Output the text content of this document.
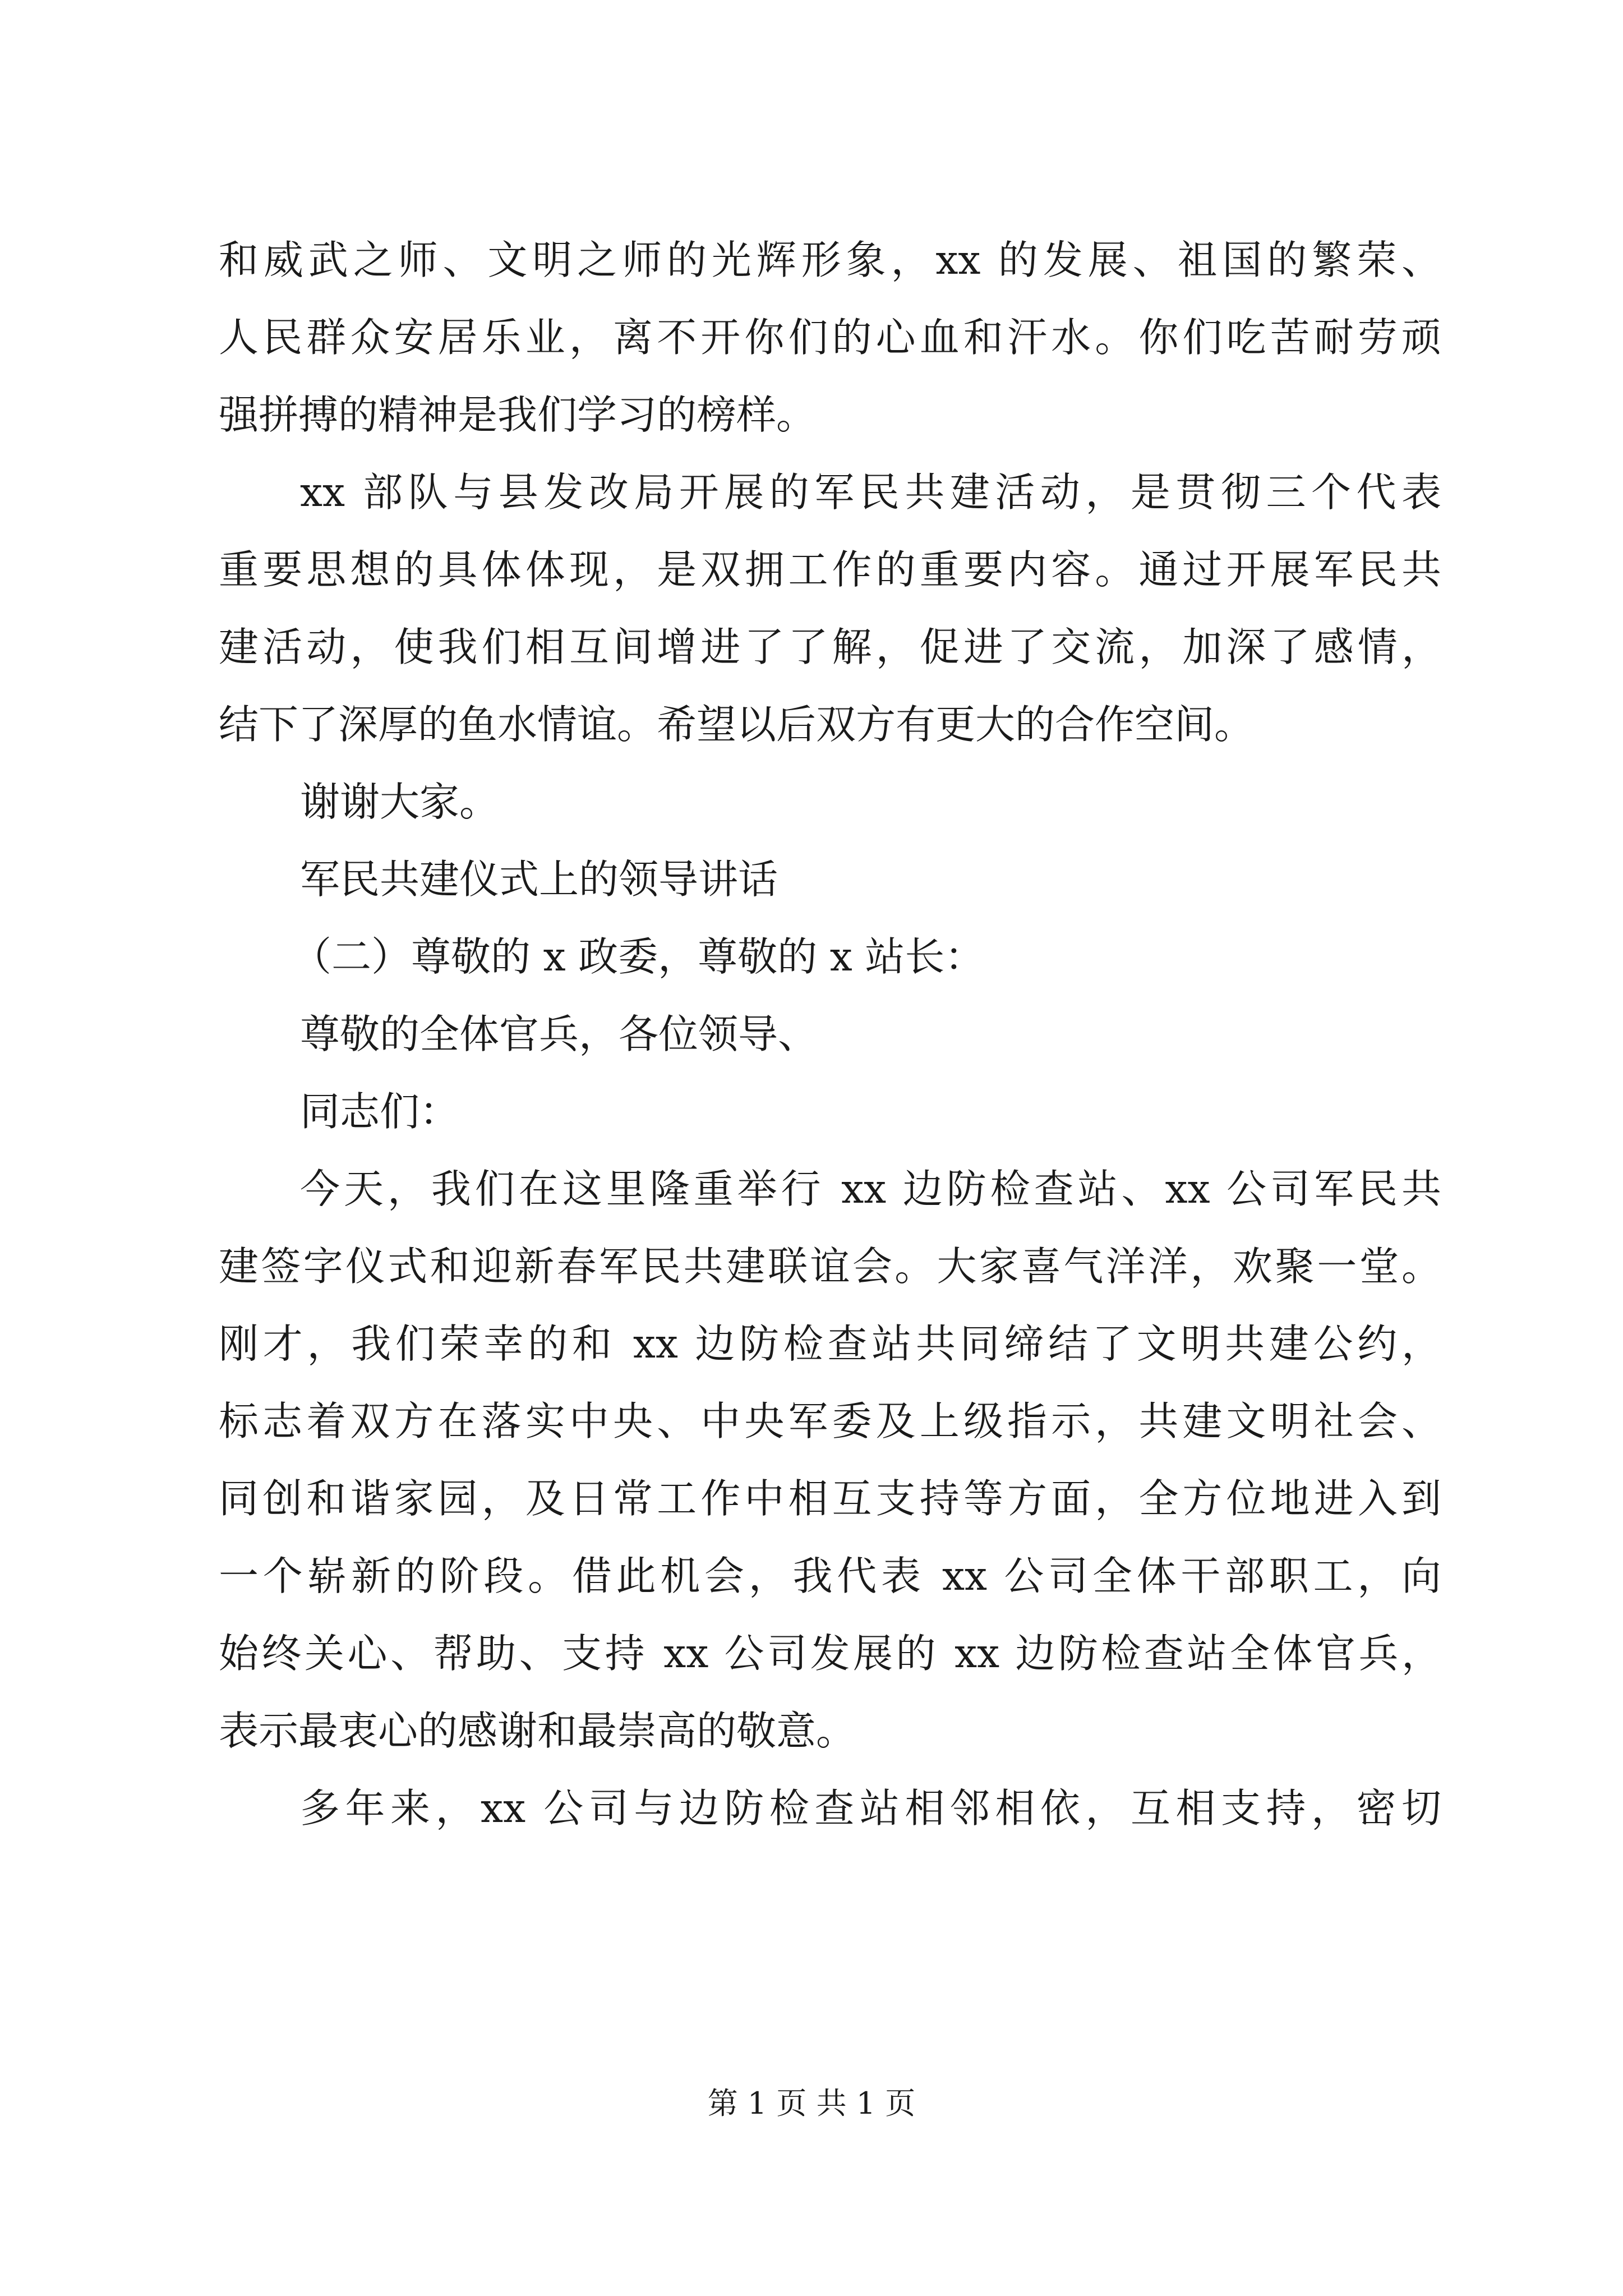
和威武之师、文明之师的光辉形象，xx 的发展、祖国的繁荣、
人民群众安居乐业，离不开你们的心血和汗水。你们吃苦耐劳顽
强拼搏的精神是我们学习的榜样。
xx 部队与县发改局开展的军民共建活动，是贯彻三个代表
重要思想的具体体现，是双拥工作的重要内容。通过开展军民共
建活动，使我们相互间增进了了解，促进了交流，加深了感情，
结下了深厚的鱼水情谊。希望以后双方有更大的合作空间。
谢谢大家。
军民共建仪式上的领导讲话
（二）尊敬的 x 政委，尊敬的 x 站长：
尊敬的全体官兵，各位领导、
同志们：
今天，我们在这里隆重举行 xx 边防检查站、xx 公司军民共
建签字仪式和迎新春军民共建联谊会。大家喜气洋洋，欢聚一堂。
刚才，我们荣幸的和 xx 边防检查站共同缔结了文明共建公约，
标志着双方在落实中央、中央军委及上级指示，共建文明社会、
同创和谐家园，及日常工作中相互支持等方面，全方位地进入到
一个崭新的阶段。借此机会，我代表 xx 公司全体干部职工，向
始终关心、帮助、支持 xx 公司发展的 xx 边防检查站全体官兵，
表示最衷心的感谢和最崇高的敬意。
多年来，xx 公司与边防检查站相邻相依，互相支持，密切
第 1 页 共 1 页
